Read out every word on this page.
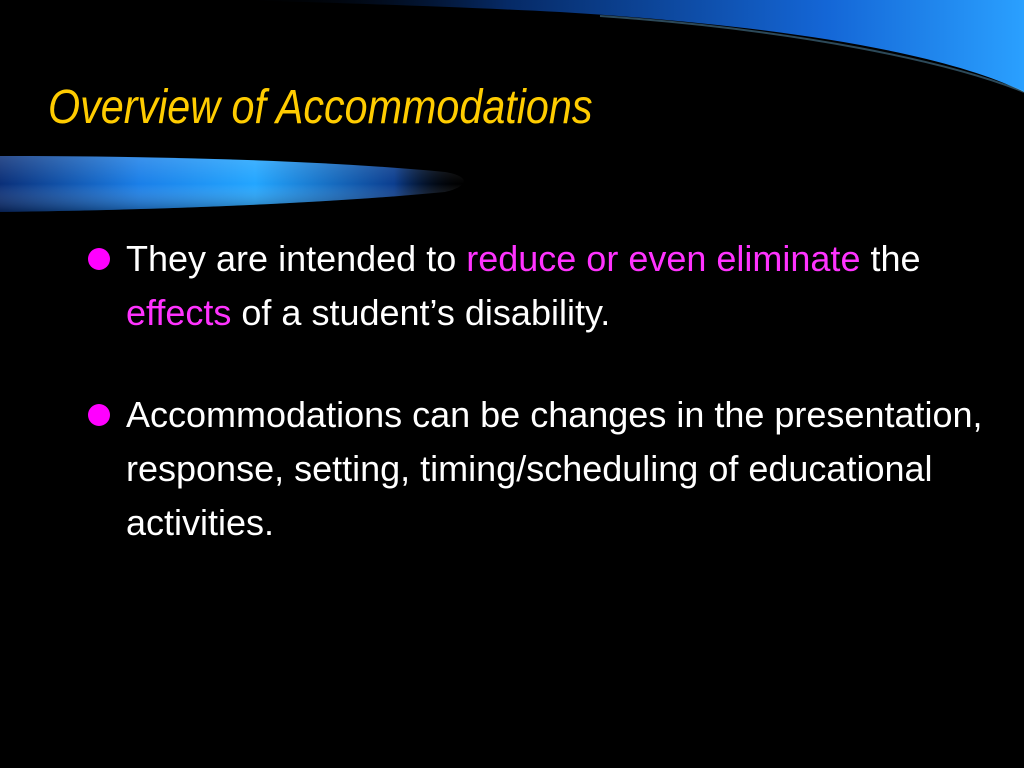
Overview of Accommodations
They are intended to reduce or even eliminate the effects of a student’s disability.
Accommodations can be changes in the presentation, response, setting, timing/scheduling of educational activities.
